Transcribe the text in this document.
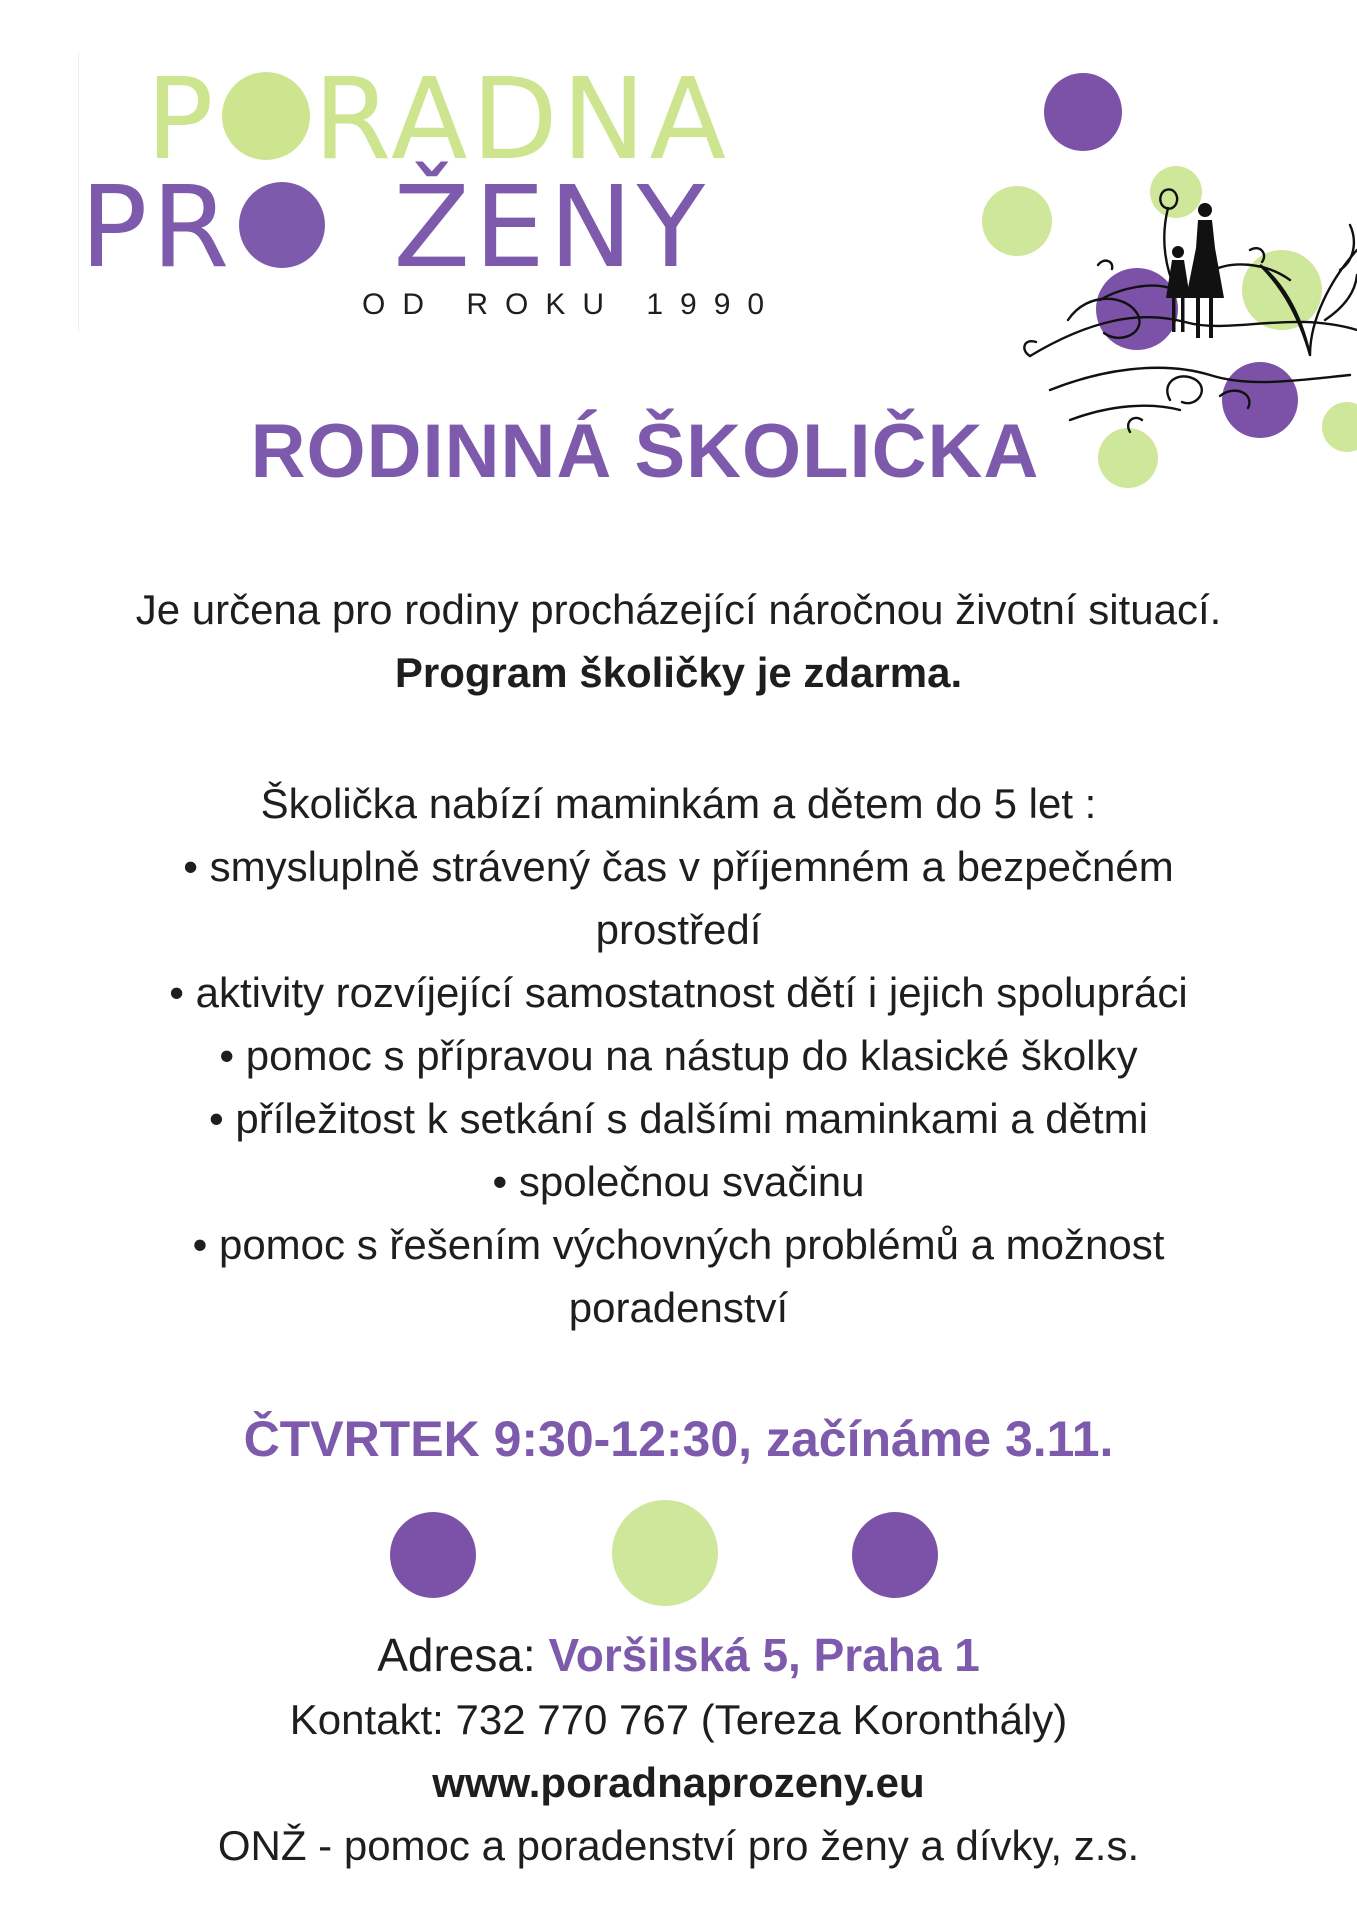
P RADNA
PR ŽENY
OD ROKU 1990
RODINNÁ ŠKOLIČKA
Je určena pro rodiny procházející náročnou životní situací.
Program školičky je zdarma.
Školička nabízí maminkám a dětem do 5 let :
• smysluplně strávený čas v příjemném a bezpečném
prostředí
• aktivity rozvíjející samostatnost dětí i jejich spolupráci
• pomoc s přípravou na nástup do klasické školky
• příležitost k setkání s dalšími maminkami a dětmi
• společnou svačinu
• pomoc s řešením výchovných problémů a možnost
poradenství
ČTVRTEK 9:30-12:30, začínáme 3.11.
Adresa: Voršilská 5, Praha 1
Kontakt: 732 770 767 (Tereza Koronthály)
www.poradnaprozeny.eu
ONŽ - pomoc a poradenství pro ženy a dívky, z.s.
